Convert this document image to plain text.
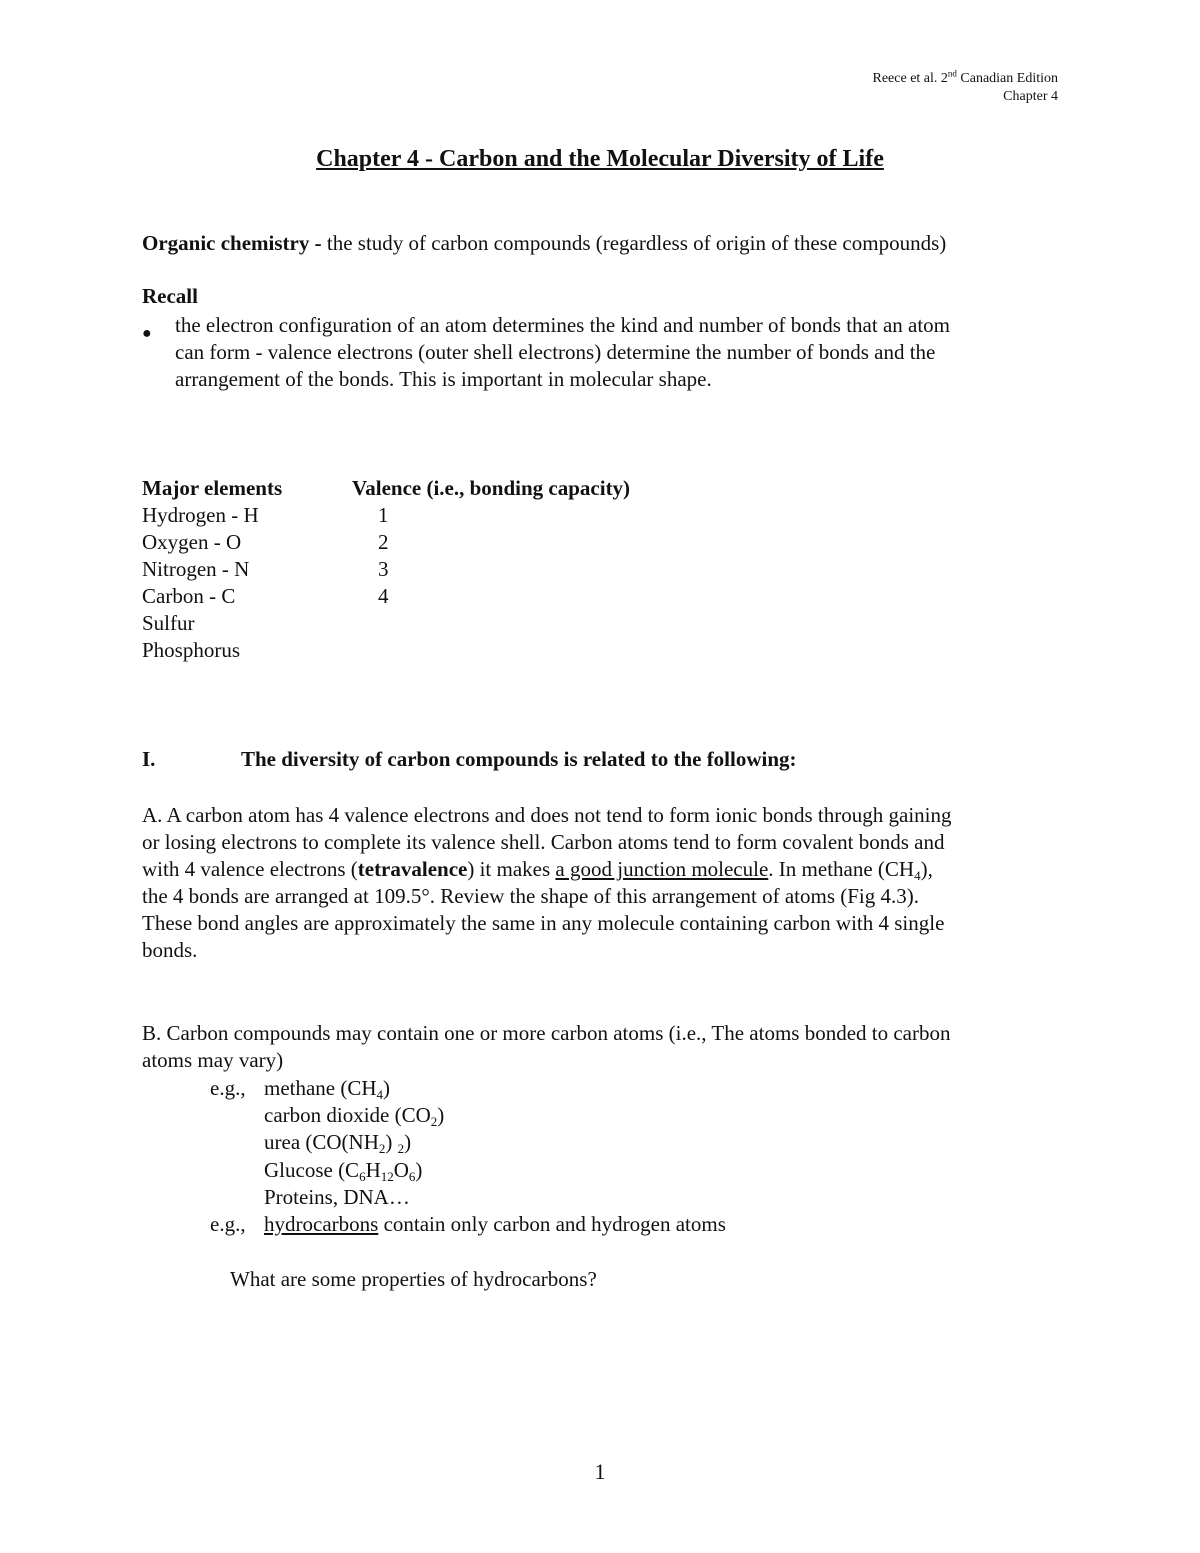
Reece et al. 2nd Canadian Edition
Chapter 4
Chapter 4 - Carbon and the Molecular Diversity of Life
Organic chemistry - the study of carbon compounds (regardless of origin of these compounds)
Recall
● the electron configuration of an atom determines the kind and number of bonds that an atom
can form - valence electrons (outer shell electrons) determine the number of bonds and the
arrangement of the bonds. This is important in molecular shape.
Major elements	Valence (i.e., bonding capacity)
Hydrogen - H	1
Oxygen - O	2
Nitrogen - N	3
Carbon - C	4
Sulfur
Phosphorus
I.	The diversity of carbon compounds is related to the following:
A. A carbon atom has 4 valence electrons and does not tend to form ionic bonds through gaining
or losing electrons to complete its valence shell. Carbon atoms tend to form covalent bonds and
with 4 valence electrons (tetravalence) it makes a good junction molecule. In methane $(CH_4)$,
the 4 bonds are arranged at 109.5°. Review the shape of this arrangement of atoms (Fig 4.3).
These bond angles are approximately the same in any molecule containing carbon with 4 single
bonds.
B. Carbon compounds may contain one or more carbon atoms (i.e., The atoms bonded to carbon
atoms may vary)
e.g., methane $(CH_4)$
carbon dioxide $(CO_2)$
urea ($CO(NH_2)$ $_2$)
Glucose $(C_6H_{12}O_6)$
Proteins, DNA…
e.g., hydrocarbons contain only carbon and hydrogen atoms
What are some properties of hydrocarbons?
1
